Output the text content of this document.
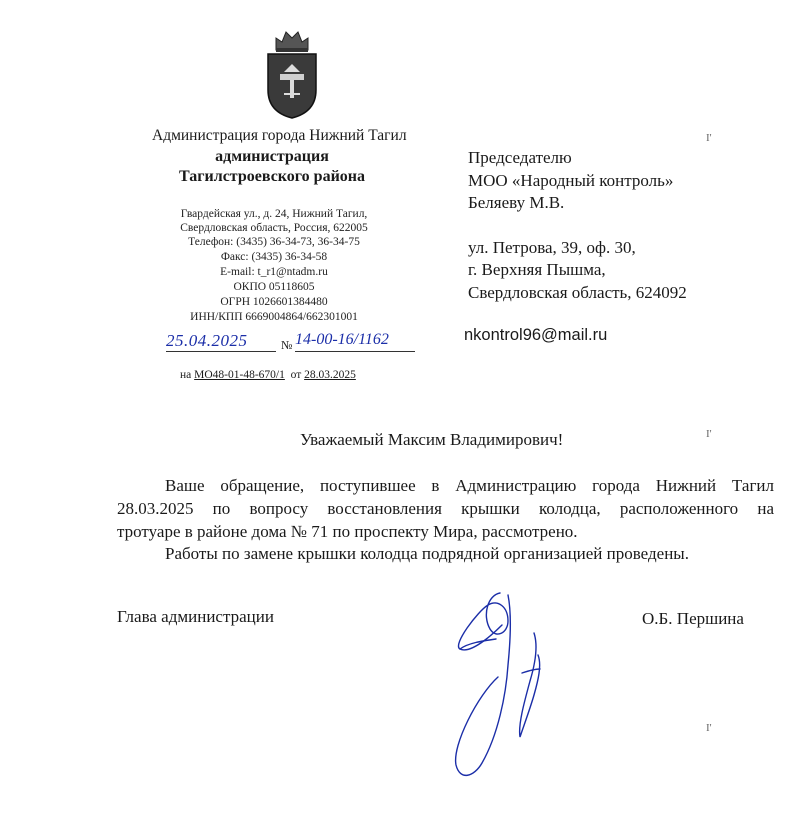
Администрация города Нижний Тагил
администрация
Тагилстроевского района
Гвардейская ул., д. 24, Нижний Тагил,
Свердловская область, Россия, 622005
Телефон: (3435) 36-34-73, 36-34-75
Факс: (3435) 36-34-58
E-mail: t_r1@ntadm.ru
ОКПО 05118605
ОГРН 1026601384480
ИНН/КПП 6669004864/662301001
25.04.2025	№ 14-00-16/1162
на МО48-01-48-670/1 от 28.03.2025
Председателю
МОО «Народный контроль»
Беляеву М.В.
ул. Петрова, 39, оф. 30,
г. Верхняя Пышма,
Свердловская область, 624092
nkontrol96@mail.ru
I'
I'
I'
Уважаемый Максим Владимирович!
Ваше обращение, поступившее в Администрацию города Нижний Тагил
28.03.2025 по вопросу восстановления крышки колодца, расположенного на
тротуаре в районе дома № 71 по проспекту Мира, рассмотрено.
Работы по замене крышки колодца подрядной организацией проведены.
Глава администрации	О.Б. Першина
